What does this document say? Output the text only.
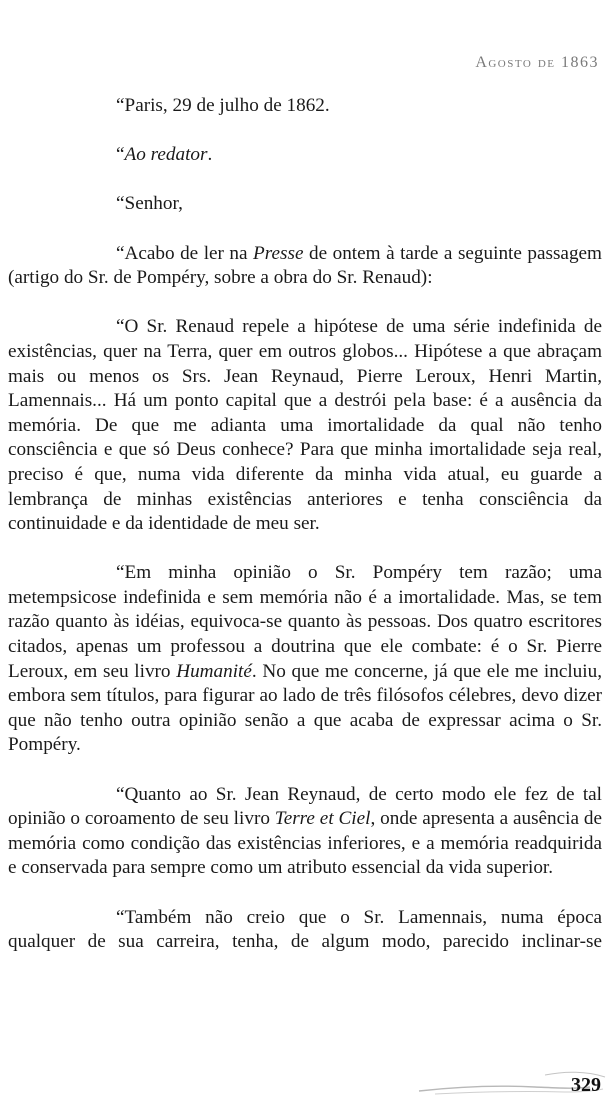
Agosto de 1863

“Paris, 29 de julho de 1862.

“Ao redator.

“Senhor,

“Acabo de ler na Presse de ontem à tarde a seguinte passagem (artigo do Sr. de Pompéry, sobre a obra do Sr. Renaud):

“O Sr. Renaud repele a hipótese de uma série indefinida de existências, quer na Terra, quer em outros globos... Hipótese a que abraçam mais ou menos os Srs. Jean Reynaud, Pierre Leroux, Henri Martin, Lamennais... Há um ponto capital que a destrói pela base: é a ausência da memória. De que me adianta uma imortalidade da qual não tenho consciência e que só Deus conhece? Para que minha imortalidade seja real, preciso é que, numa vida diferente da minha vida atual, eu guarde a lembrança de minhas existências anteriores e tenha consciência da continuidade e da identidade de meu ser.

“Em minha opinião o Sr. Pompéry tem razão; uma metempsicose indefinida e sem memória não é a imortalidade. Mas, se tem razão quanto às idéias, equivoca-se quanto às pessoas. Dos quatro escritores citados, apenas um professou a doutrina que ele combate: é o Sr. Pierre Leroux, em seu livro Humanité. No que me concerne, já que ele me incluiu, embora sem títulos, para figurar ao lado de três filósofos célebres, devo dizer que não tenho outra opinião senão a que acaba de expressar acima o Sr. Pompéry.

“Quanto ao Sr. Jean Reynaud, de certo modo ele fez de tal opinião o coroamento de seu livro Terre et Ciel, onde apresenta a ausência de memória como condição das existências inferiores, e a memória readquirida e conservada para sempre como um atributo essencial da vida superior.

“Também não creio que o Sr. Lamennais, numa época qualquer de sua carreira, tenha, de algum modo, parecido inclinar-se

329
